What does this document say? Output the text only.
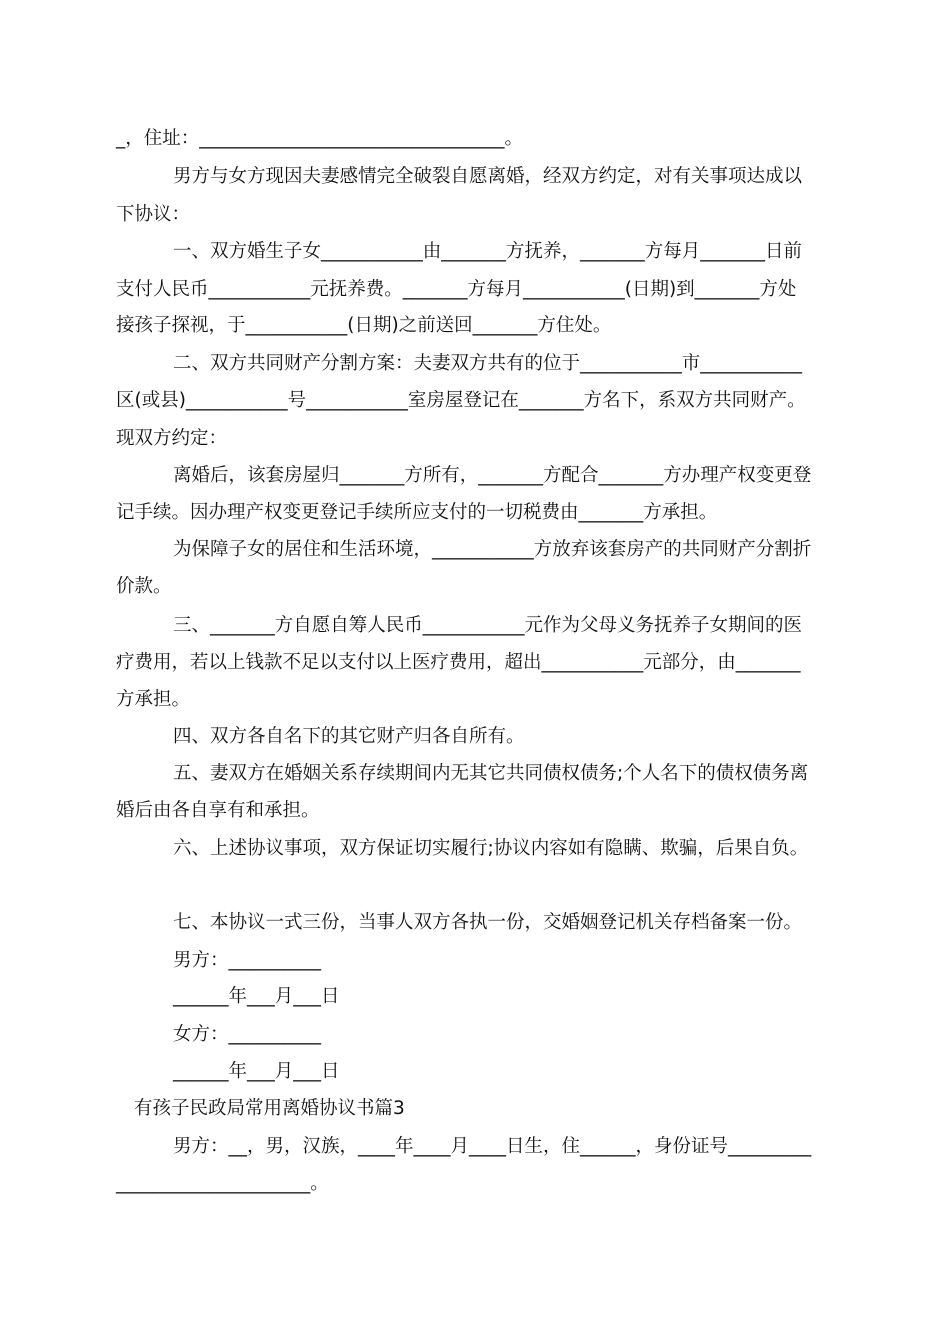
_，住址：_________________________________。
男方与女方现因夫妻感情完全破裂自愿离婚，经双方约定，对有关事项达成以
下协议：
一、双方婚生子女___________由_______方抚养，_______方每月_______日前
支付人民币___________元抚养费。_______方每月___________(日期)到_______方处
接孩子探视，于___________(日期)之前送回_______方住处。
二、双方共同财产分割方案：夫妻双方共有的位于___________市___________
区(或县)___________号___________室房屋登记在_______方名下，系双方共同财产。
现双方约定：
离婚后，该套房屋归_______方所有，_______方配合_______方办理产权变更登
记手续。因办理产权变更登记手续所应支付的一切税费由_______方承担。
为保障子女的居住和生活环境，___________方放弃该套房产的共同财产分割折
价款。
三、_______方自愿自筹人民币___________元作为父母义务抚养子女期间的医
疗费用，若以上钱款不足以支付以上医疗费用，超出___________元部分，由_______
方承担。
四、双方各自名下的其它财产归各自所有。
五、妻双方在婚姻关系存续期间内无其它共同债权债务;个人名下的债权债务离
婚后由各自享有和承担。
六、上述协议事项，双方保证切实履行;协议内容如有隐瞒、欺骗，后果自负。
七、本协议一式三份，当事人双方各执一份，交婚姻登记机关存档备案一份。
男方：__________
______年___月___日
女方：__________
______年___月___日
有孩子民政局常用离婚协议书篇3
男方：__，男，汉族，____年____月____日生，住______，身份证号_________
_____________________。
